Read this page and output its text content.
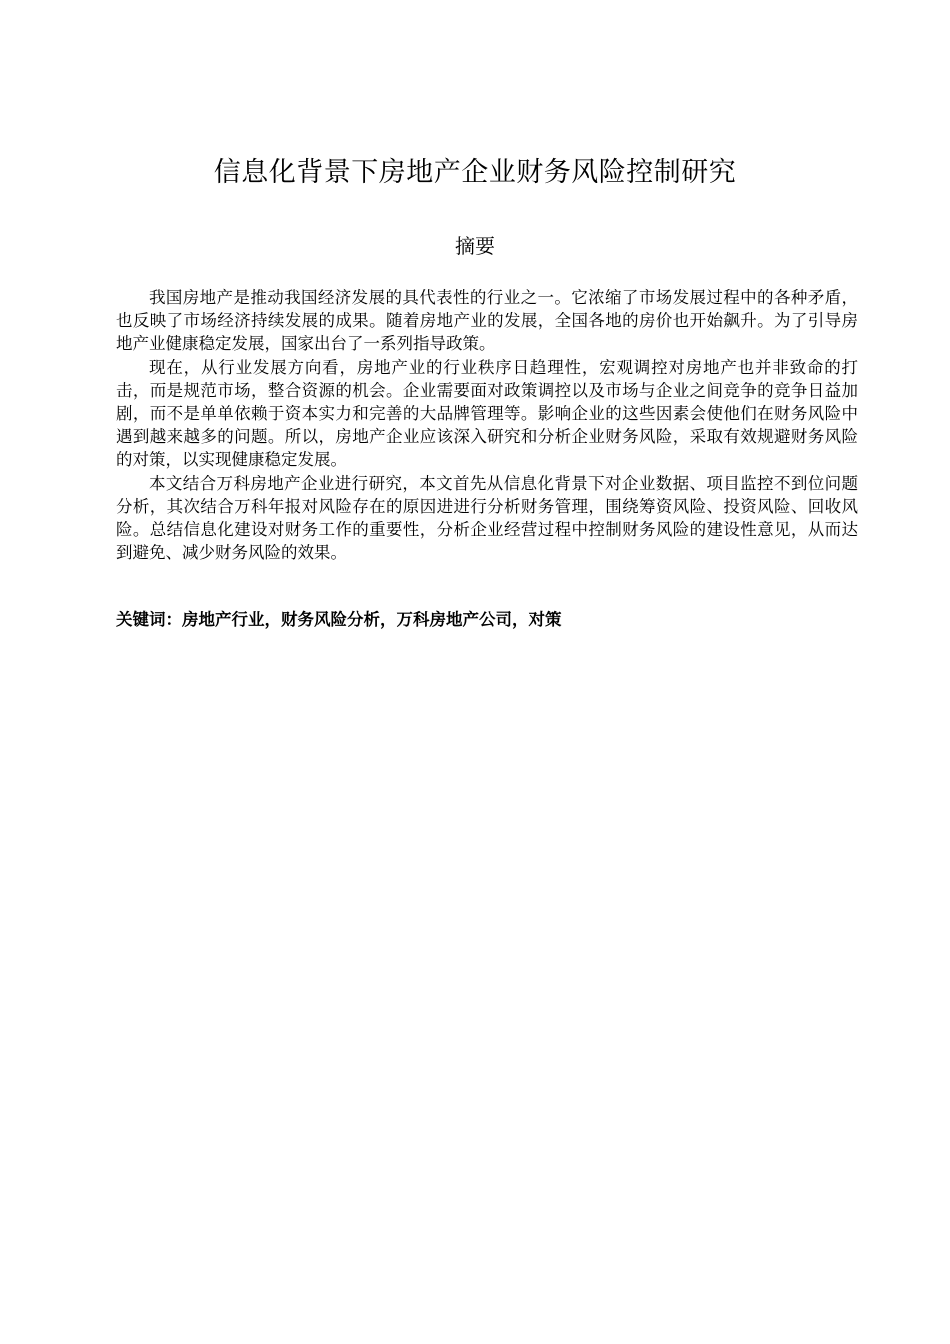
信息化背景下房地产企业财务风险控制研究
摘要

我国房地产是推动我国经济发展的具代表性的行业之一。它浓缩了市场发展过程中的各种矛盾，也反映了市场经济持续发展的成果。随着房地产业的发展，全国各地的房价也开始飙升。为了引导房地产业健康稳定发展，国家出台了一系列指导政策。

现在，从行业发展方向看，房地产业的行业秩序日趋理性，宏观调控对房地产也并非致命的打击，而是规范市场，整合资源的机会。企业需要面对政策调控以及市场与企业之间竞争的竞争日益加剧，而不是单单依赖于资本实力和完善的大品牌管理等。影响企业的这些因素会使他们在财务风险中遇到越来越多的问题。所以，房地产企业应该深入研究和分析企业财务风险，采取有效规避财务风险的对策，以实现健康稳定发展。

本文结合万科房地产企业进行研究，本文首先从信息化背景下对企业数据、项目监控不到位问题分析，其次结合万科年报对风险存在的原因进进行分析财务管理，围绕筹资风险、投资风险、回收风险。总结信息化建设对财务工作的重要性，分析企业经营过程中控制财务风险的建设性意见，从而达到避免、减少财务风险的效果。

关键词：房地产行业，财务风险分析，万科房地产公司，对策
